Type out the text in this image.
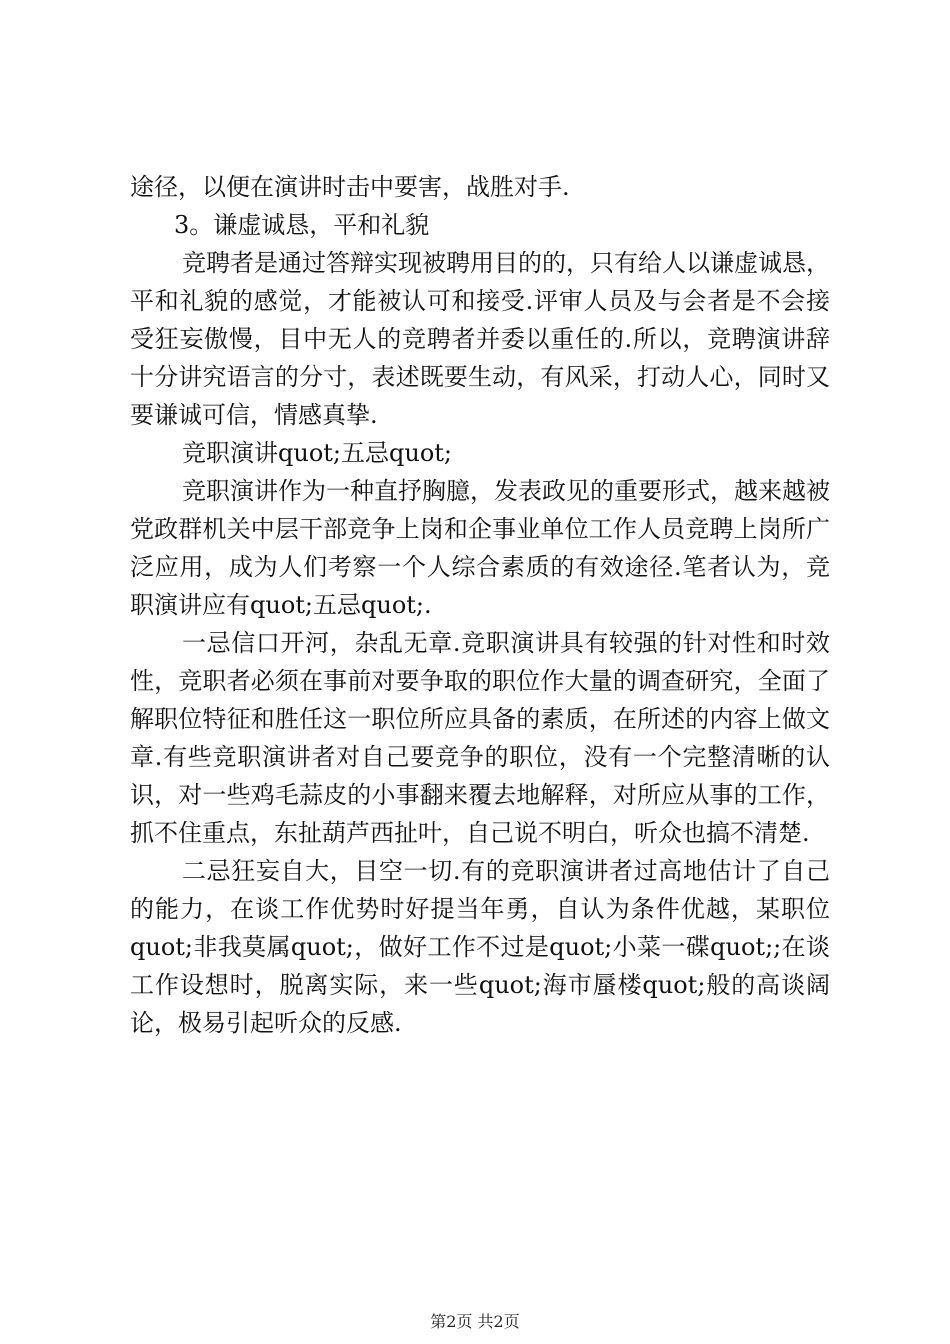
途径，以便在演讲时击中要害，战胜对手.

3。谦虚诚恳，平和礼貌

竞聘者是通过答辩实现被聘用目的的，只有给人以谦虚诚恳，平和礼貌的感觉，才能被认可和接受.评审人员及与会者是不会接受狂妄傲慢，目中无人的竞聘者并委以重任的.所以，竞聘演讲辞十分讲究语言的分寸，表述既要生动，有风采，打动人心，同时又要谦诚可信，情感真挚.

竞职演讲quot;五忌quot;

竞职演讲作为一种直抒胸臆，发表政见的重要形式，越来越被党政群机关中层干部竞争上岗和企事业单位工作人员竞聘上岗所广泛应用，成为人们考察一个人综合素质的有效途径.笔者认为，竞职演讲应有quot;五忌quot;.

一忌信口开河，杂乱无章.竞职演讲具有较强的针对性和时效性，竞职者必须在事前对要争取的职位作大量的调查研究，全面了解职位特征和胜任这一职位所应具备的素质，在所述的内容上做文章.有些竞职演讲者对自己要竞争的职位，没有一个完整清晰的认识，对一些鸡毛蒜皮的小事翻来覆去地解释，对所应从事的工作，抓不住重点，东扯葫芦西扯叶，自己说不明白，听众也搞不清楚.

二忌狂妄自大，目空一切.有的竞职演讲者过高地估计了自己的能力，在谈工作优势时好提当年勇，自认为条件优越，某职位quot;非我莫属quot;，做好工作不过是quot;小菜一碟quot;;在谈工作设想时，脱离实际，来一些quot;海市蜃楼quot;般的高谈阔论，极易引起听众的反感.

第2页 共2页
